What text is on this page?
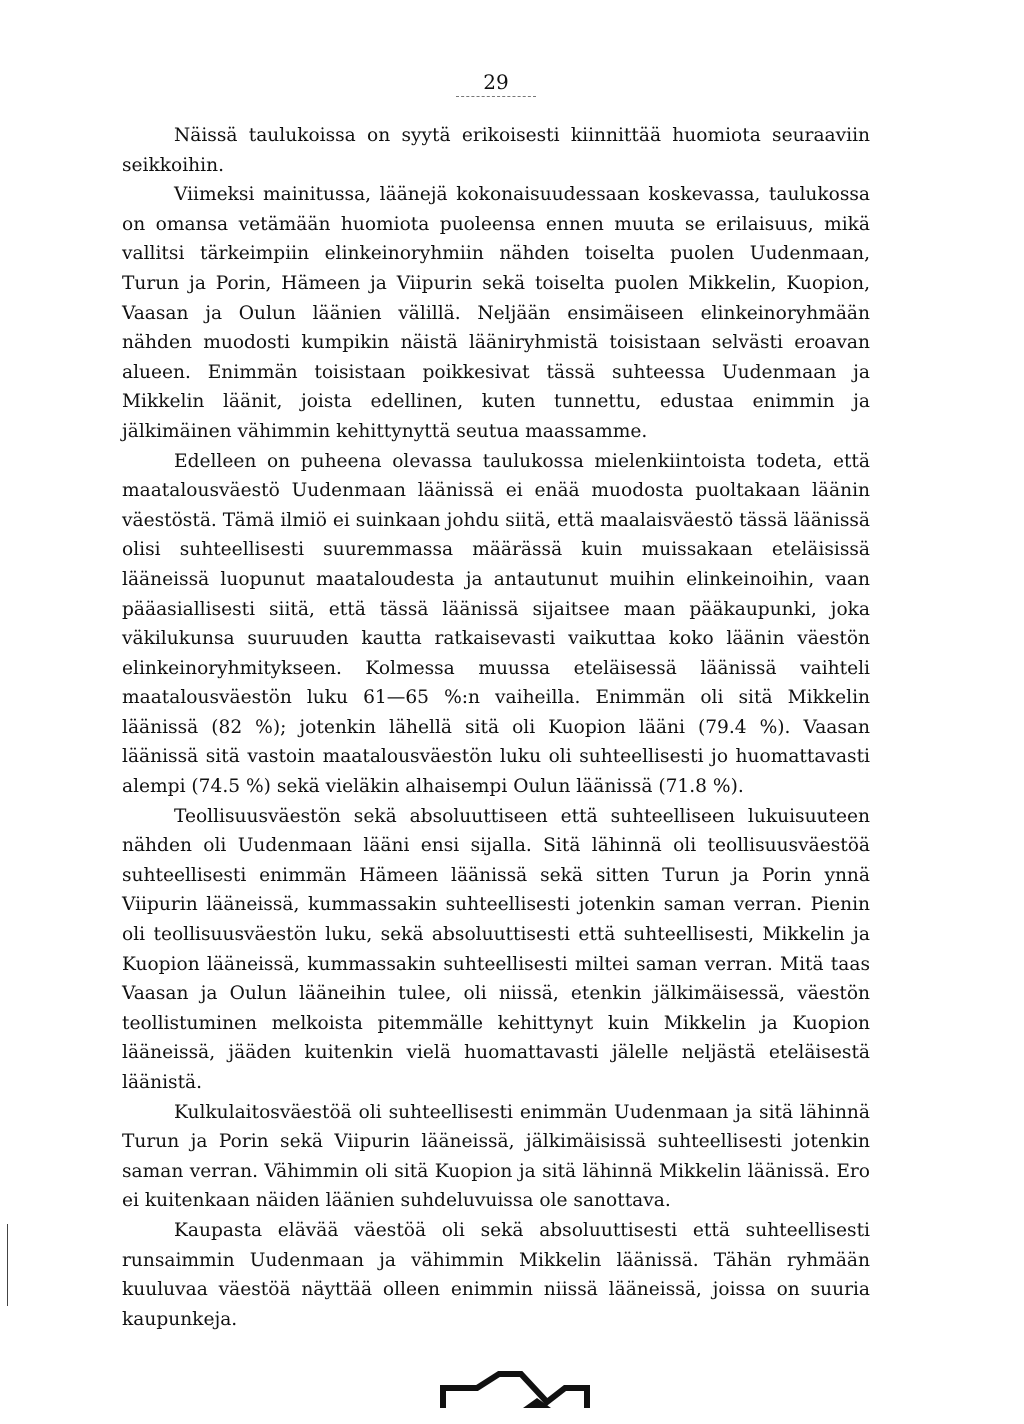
29

Näissä taulukoissa on syytä erikoisesti kiinnittää huomiota seuraaviin seikkoihin.

Viimeksi mainitussa, läänejä kokonaisuudessaan koskevassa, taulukossa on omansa vetämään huomiota puoleensa ennen muuta se erilaisuus, mikä vallitsi tärkeimpiin elinkeinoryhmiin nähden toiselta puolen Uudenmaan, Turun ja Porin, Hämeen ja Viipurin sekä toiselta puolen Mikkelin, Kuopion, Vaasan ja Oulun läänien välillä. Neljään ensimäiseen elinkeinoryhmään nähden muodosti kumpikin näistä lääniryhmistä toisistaan selvästi eroavan alueen. Enimmän toisistaan poikkesivat tässä suhteessa Uudenmaan ja Mikkelin läänit, joista edellinen, kuten tunnettu, edustaa enimmin ja jälkimäinen vähimmin kehittynyttä seutua maassamme.

Edelleen on puheena olevassa taulukossa mielenkiintoista todeta, että maatalousväestö Uudenmaan läänissä ei enää muodosta puoltakaan läänin väestöstä. Tämä ilmiö ei suinkaan johdu siitä, että maalaisväestö tässä läänissä olisi suhteellisesti suuremmassa määrässä kuin muissakaan eteläisissä lääneissä luopunut maataloudesta ja antautunut muihin elinkeinoihin, vaan pääasiallisesti siitä, että tässä läänissä sijaitsee maan pääkaupunki, joka väkilukunsa suuruuden kautta ratkaisevasti vaikuttaa koko läänin väestön elinkeinoryhmitykseen. Kolmessa muussa eteläisessä läänissä vaihteli maatalousväestön luku 61—65 %:n vaiheilla. Enimmän oli sitä Mikkelin läänissä (82 %); jotenkin lähellä sitä oli Kuopion lääni (79.4 %). Vaasan läänissä sitä vastoin maatalousväestön luku oli suhteellisesti jo huomattavasti alempi (74.5 %) sekä vieläkin alhaisempi Oulun läänissä (71.8 %).

Teollisuusväestön sekä absoluuttiseen että suhteelliseen lukuisuuteen nähden oli Uudenmaan lääni ensi sijalla. Sitä lähinnä oli teollisuusväestöä suhteellisesti enimmän Hämeen läänissä sekä sitten Turun ja Porin ynnä Viipurin lääneissä, kummassakin suhteellisesti jotenkin saman verran. Pienin oli teollisuusväestön luku, sekä absoluuttisesti että suhteellisesti, Mikkelin ja Kuopion lääneissä, kummassakin suhteellisesti miltei saman verran. Mitä taas Vaasan ja Oulun lääneihin tulee, oli niissä, etenkin jälkimäisessä, väestön teollistuminen melkoista pitemmälle kehittynyt kuin Mikkelin ja Kuopion lääneissä, jääden kuitenkin vielä huomattavasti jälelle neljästä eteläisestä läänistä.

Kulkulaitosväestöä oli suhteellisesti enimmän Uudenmaan ja sitä lähinnä Turun ja Porin sekä Viipurin lääneissä, jälkimäisissä suhteellisesti jotenkin saman verran. Vähimmin oli sitä Kuopion ja sitä lähinnä Mikkelin läänissä. Ero ei kuitenkaan näiden läänien suhdeluvuissa ole sanottava.

Kaupasta elävää väestöä oli sekä absoluuttisesti että suhteellisesti runsaimmin Uudenmaan ja vähimmin Mikkelin läänissä. Tähän ryhmään kuuluvaa väestöä näyttää olleen enimmin niissä lääneissä, joissa on suuria kaupunkeja.
